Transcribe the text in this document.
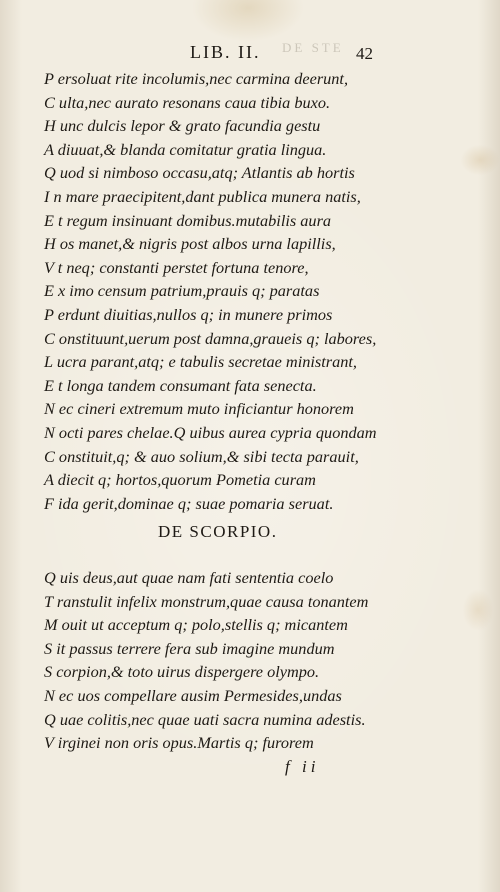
DE STE
LIB. II.	42
P ersoluat rite incolumis,nec carmina deerunt,
C ulta,nec aurato resonans caua tibia buxo.
H unc dulcis lepor & grato facundia gestu
A diuuat,& blanda comitatur gratia lingua.
Q uod si nimboso occasu,atq; Atlantis ab hortis
I n mare praecipitent,dant publica munera natis,
E t regum insinuant domibus.mutabilis aura
H os manet,& nigris post albos urna lapillis,
V t neq; constanti perstet fortuna tenore,
E x imo censum patrium,prauis q; paratas
P erdunt diuitias,nullos q; in munere primos
C onstituunt,uerum post damna,graueis q; labores,
L ucra parant,atq; e tabulis secretae ministrant,
E t longa tandem consumant fata senecta.
N ec cineri extremum muto inficiantur honorem
N octi pares chelae.Q uibus aurea cypria quondam
C onstituit,q; & auo solium,& sibi tecta parauit,
A diecit q; hortos,quorum Pometia curam
F ida gerit,dominae q; suae pomaria seruat.
DE SCORPIO.
Q uis deus,aut quae nam fati sententia coelo
T ranstulit infelix monstrum,quae causa tonantem
M ouit ut acceptum q; polo,stellis q; micantem
S it passus terrere fera sub imagine mundum
S corpion,& toto uirus dispergere olympo.
N ec uos compellare ausim Permesides,undas
Q uae colitis,nec quae uati sacra numina adestis.
V irginei non oris opus.Martis q; furorem
f ii
